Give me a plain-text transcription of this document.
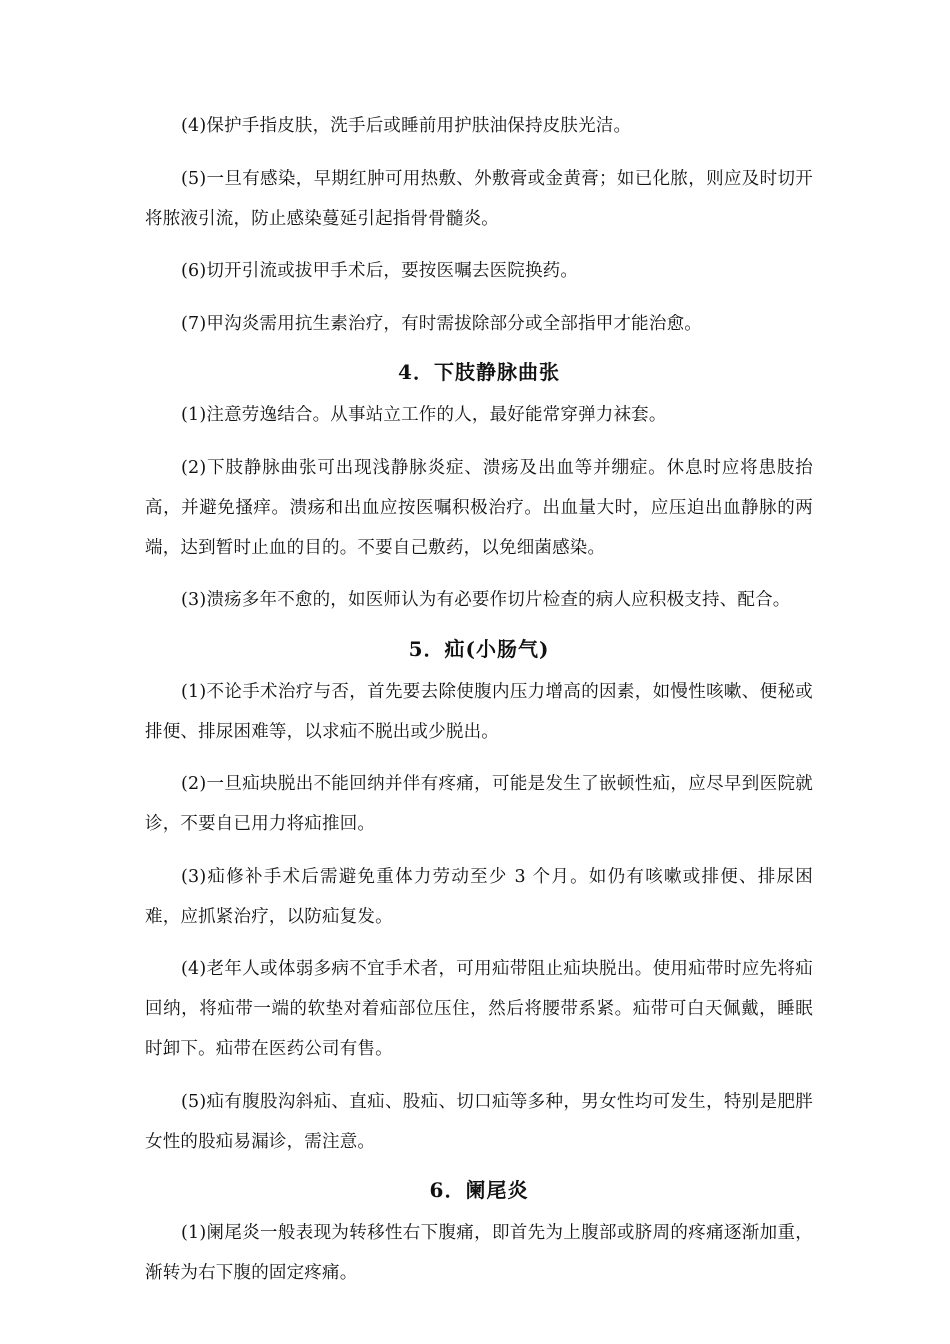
(4)保护手指皮肤，洗手后或睡前用护肤油保持皮肤光洁。

(5)一旦有感染，早期红肿可用热敷、外敷膏或金黄膏；如已化脓，则应及时切开将脓液引流，防止感染蔓延引起指骨骨髓炎。

(6)切开引流或拔甲手术后，要按医嘱去医院换药。

(7)甲沟炎需用抗生素治疗，有时需拔除部分或全部指甲才能治愈。

4．下肢静脉曲张

(1)注意劳逸结合。从事站立工作的人，最好能常穿弹力袜套。

(2)下肢静脉曲张可出现浅静脉炎症、溃疡及出血等并绷症。休息时应将患肢抬高，并避免搔痒。溃疡和出血应按医嘱积极治疗。出血量大时，应压迫出血静脉的两端，达到暂时止血的目的。不要自己敷药，以免细菌感染。

(3)溃疡多年不愈的，如医师认为有必要作切片检查的病人应积极支持、配合。

5．疝(小肠气)

(1)不论手术治疗与否，首先要去除使腹内压力增高的因素，如慢性咳嗽、便秘或排便、排尿困难等，以求疝不脱出或少脱出。

(2)一旦疝块脱出不能回纳并伴有疼痛，可能是发生了嵌顿性疝，应尽早到医院就诊，不要自已用力将疝推回。

(3)疝修补手术后需避免重体力劳动至少 3 个月。如仍有咳嗽或排便、排尿困难，应抓紧治疗，以防疝复发。

(4)老年人或体弱多病不宜手术者，可用疝带阻止疝块脱出。使用疝带时应先将疝回纳，将疝带一端的软垫对着疝部位压住，然后将腰带系紧。疝带可白天佩戴，睡眠时卸下。疝带在医药公司有售。

(5)疝有腹股沟斜疝、直疝、股疝、切口疝等多种，男女性均可发生，特别是肥胖女性的股疝易漏诊，需注意。

6．阑尾炎

(1)阑尾炎一般表现为转移性右下腹痛，即首先为上腹部或脐周的疼痛逐渐加重，渐转为右下腹的固定疼痛。
